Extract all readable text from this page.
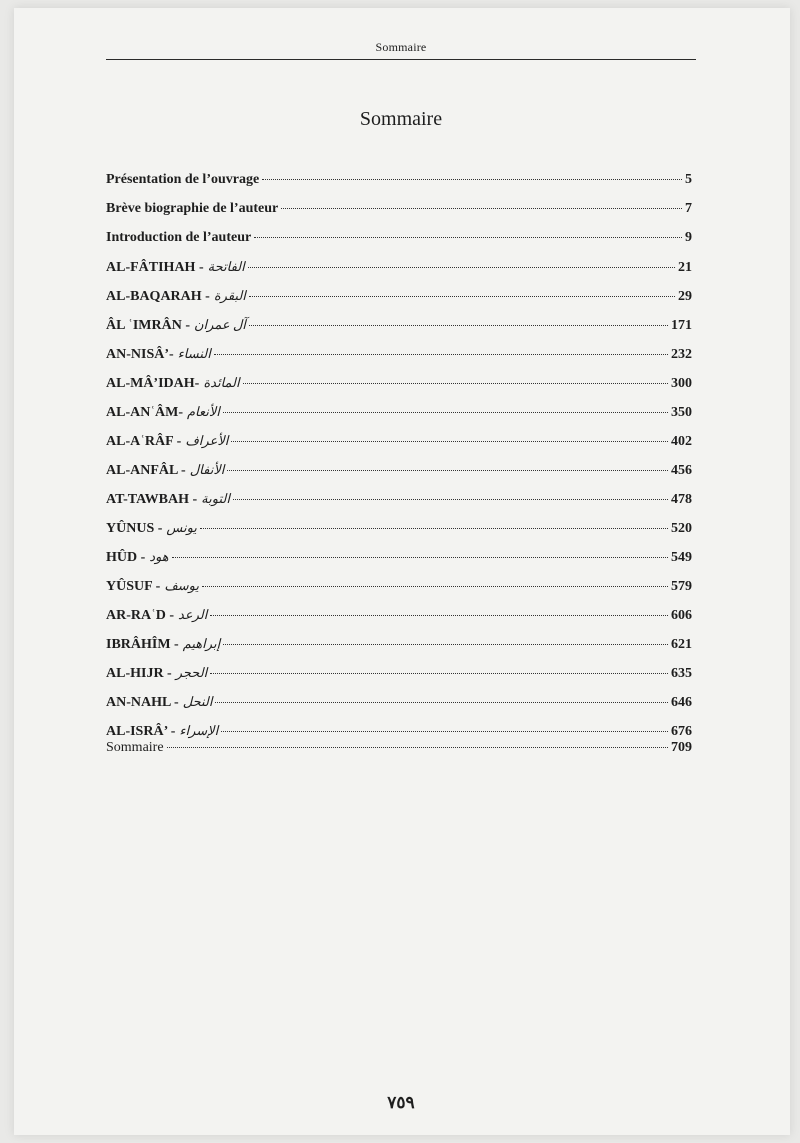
Sommaire
Sommaire
Présentation de l’ouvrage	5
Brève biographie de l’auteur	7
Introduction de l’auteur	9
AL-FÂTIHAH - الفاتحة	21
AL-BAQARAH - البقرة	29
ÂL ʿIMRÂN - آل عمران	171
AN-NISÂ’- النساء	232
AL-MÂ’IDAH- المائدة	300
AL-ANʿÂM- الأنعام	350
AL-AʿRÂF - الأعراف	402
AL-ANFÂL - الأنفال	456
AT-TAWBAH - التوبة	478
YÛNUS - يونس	520
HÛD - هود	549
YÛSUF - يوسف	579
AR-RAʿD - الرعد	606
IBRÂHÎM - إبراهيم	621
AL-HIJR - الحجر	635
AN-NAHL - النحل	646
AL-ISRÂ’ - الإسراء	676
Sommaire	709
٧٥٩
